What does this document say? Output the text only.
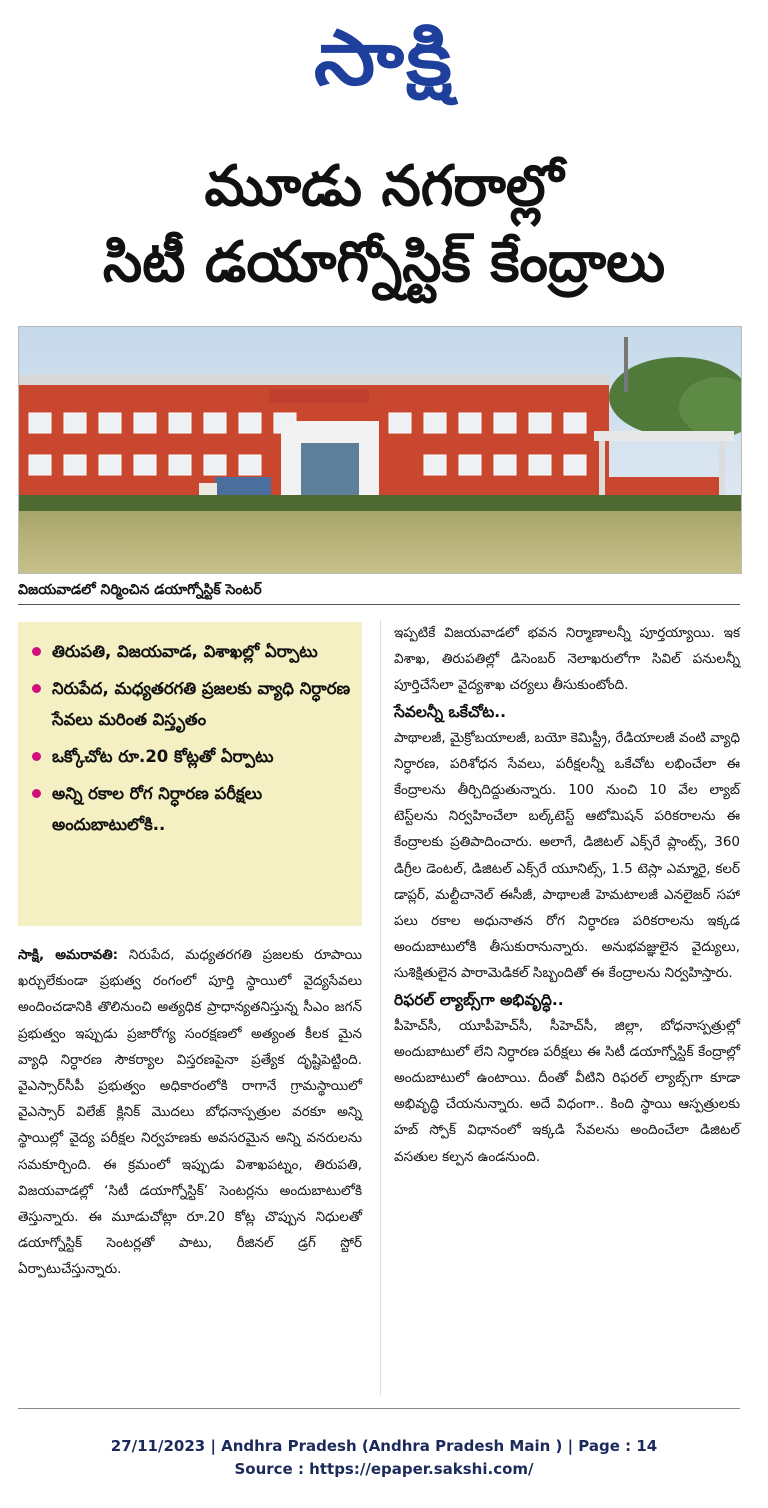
సాక్షి
మూడు నగరాల్లో
సిటీ డయాగ్నోస్టిక్ కేంద్రాలు
విజయవాడలో నిర్మించిన డయాగ్నోస్టిక్ సెంటర్
తిరుపతి, విజయవాడ, విశాఖల్లో ఏర్పాటు
నిరుపేద, మధ్యతరగతి ప్రజలకు వ్యాధి నిర్ధారణ సేవలు మరింత విస్తృతం
ఒక్కోచోట రూ.20 కోట్లతో ఏర్పాటు
అన్ని రకాల రోగ నిర్ధారణ పరీక్షలు అందుబాటులోకి..

సాక్షి, అమరావతి: నిరుపేద, మధ్యతరగతి ప్రజలకు రూపాయి ఖర్చులేకుండా ప్రభుత్వ రంగంలో పూర్తి స్థాయిలో వైద్యసేవలు అందించడానికి తొలినుంచి అత్యధిక ప్రాధాన్యతనిస్తున్న సీఎం జగన్ ప్రభుత్వం ఇప్పుడు ప్రజారోగ్య సంరక్షణలో అత్యంత కీలక మైన వ్యాధి నిర్ధారణ సౌకర్యాల విస్తరణపైనా ప్రత్యేక దృష్టిపెట్టింది. వైఎస్సార్‌సీపీ ప్రభుత్వం అధికారంలోకి రాగానే గ్రామస్థాయిలో వైఎస్సార్ విలేజ్ క్లినిక్ మొదలు బోధనాస్పత్రుల వరకూ అన్ని స్థాయిల్లో వైద్య పరీక్షల నిర్వహణకు అవసరమైన అన్ని వనరులను సమకూర్చింది. ఈ క్రమంలో ఇప్పుడు విశాఖపట్నం, తిరుపతి, విజయవాడల్లో ‘సిటీ డయాగ్నోస్టిక్’ సెంటర్లను అందుబాటులోకి తెస్తున్నారు. ఈ మూడుచోట్లా రూ.20 కోట్ల చొప్పున నిధులతో డయాగ్నోస్టిక్ సెంటర్లతో పాటు, రీజినల్ డ్రగ్ స్టోర్ ఏర్పాటుచేస్తున్నారు.

ఇప్పటికే విజయవాడలో భవన నిర్మాణాలన్నీ పూర్తయ్యాయి. ఇక విశాఖ, తిరుపతిల్లో డిసెంబర్ నెలాఖరులోగా సివిల్ పనులన్నీ పూర్తిచేసేలా వైద్యశాఖ చర్యలు తీసుకుంటోంది.

సేవలన్నీ ఒకేచోట..

పాథాలజీ, మైక్రోబయాలజీ, బయో కెమిస్ట్రీ, రేడియాలజీ వంటి వ్యాధి నిర్ధారణ, పరిశోధన సేవలు, పరీక్షలన్నీ ఒకేచోట లభించేలా ఈ కేంద్రాలను తీర్చిదిద్దుతున్నారు. 100 నుంచి 10 వేల ల్యాబ్ టెస్ట్‌లను నిర్వహించేలా బల్క్‌టెస్ట్ ఆటోమిషన్ పరికరాలను ఈ కేంద్రాలకు ప్రతిపాదించారు. అలాగే, డిజిటల్ ఎక్స్‌రే ప్లాంట్స్, 360 డిగ్రీల డెంటల్, డిజిటల్ ఎక్స్‌రే యూనిట్స్, 1.5 టెస్లా ఎమ్మారై, కలర్ డాప్లర్, మల్టీచానెల్ ఈసీజీ, పాథాలజీ హెమటాలజీ ఎనలైజర్ సహా పలు రకాల అధునాతన రోగ నిర్ధారణ పరికరాలను ఇక్కడ అందుబాటులోకి తీసుకురానున్నారు. అనుభవజ్ఞులైన వైద్యులు, సుశిక్షితులైన పారామెడికల్ సిబ్బందితో ఈ కేంద్రాలను నిర్వహిస్తారు.

రిఫరల్ ల్యాబ్స్‌గా అభివృద్ధి..

పీహెచ్‌సీ, యూపీహెచ్‌సీ, సీహెచ్‌సీ, జిల్లా, బోధనాస్పత్రుల్లో అందుబాటులో లేని నిర్ధారణ పరీక్షలు ఈ సిటీ డయాగ్నోస్టిక్ కేంద్రాల్లో అందుబాటులో ఉంటాయి. దీంతో వీటిని రిఫరల్ ల్యాబ్స్‌గా కూడా అభివృద్ధి చేయనున్నారు. అదే విధంగా.. కింది స్థాయి ఆస్పత్రులకు హబ్ స్పోక్ విధానంలో ఇక్కడి సేవలను అందించేలా డిజిటల్ వసతుల కల్పన ఉండనుంది.

27/11/2023 | Andhra Pradesh (Andhra Pradesh Main ) | Page : 14
Source : https://epaper.sakshi.com/
